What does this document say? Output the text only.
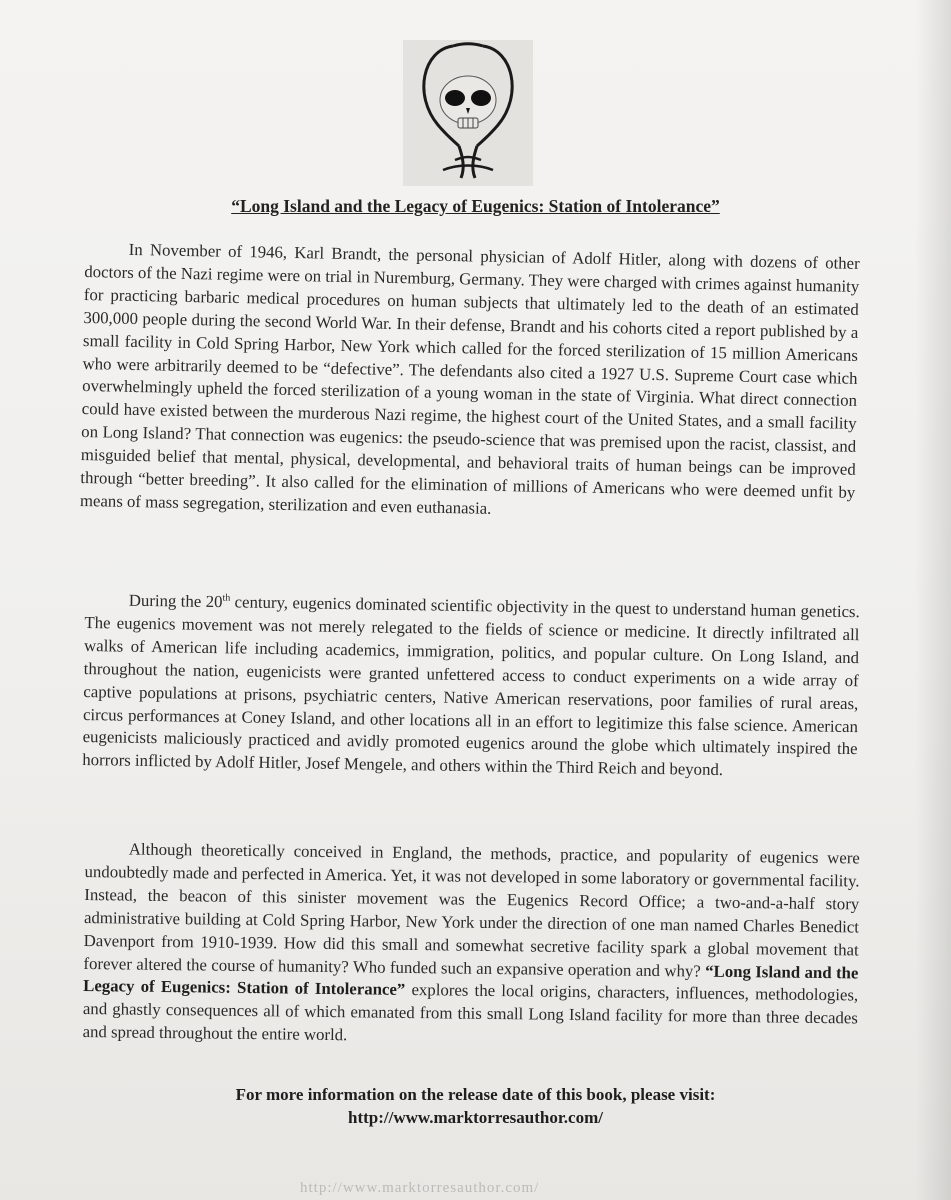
“Long Island and the Legacy of Eugenics: Station of Intolerance”

In November of 1946, Karl Brandt, the personal physician of Adolf Hitler, along with dozens of other doctors of the Nazi regime were on trial in Nuremburg, Germany. They were charged with crimes against humanity for practicing barbaric medical procedures on human subjects that ultimately led to the death of an estimated 300,000 people during the second World War. In their defense, Brandt and his cohorts cited a report published by a small facility in Cold Spring Harbor, New York which called for the forced sterilization of 15 million Americans who were arbitrarily deemed to be “defective”. The defendants also cited a 1927 U.S. Supreme Court case which overwhelmingly upheld the forced sterilization of a young woman in the state of Virginia. What direct connection could have existed between the murderous Nazi regime, the highest court of the United States, and a small facility on Long Island? That connection was eugenics: the pseudo-science that was premised upon the racist, classist, and misguided belief that mental, physical, developmental, and behavioral traits of human beings can be improved through “better breeding”. It also called for the elimination of millions of Americans who were deemed unfit by means of mass segregation, sterilization and even euthanasia.

During the 20th century, eugenics dominated scientific objectivity in the quest to understand human genetics. The eugenics movement was not merely relegated to the fields of science or medicine. It directly infiltrated all walks of American life including academics, immigration, politics, and popular culture. On Long Island, and throughout the nation, eugenicists were granted unfettered access to conduct experiments on a wide array of captive populations at prisons, psychiatric centers, Native American reservations, poor families of rural areas, circus performances at Coney Island, and other locations all in an effort to legitimize this false science. American eugenicists maliciously practiced and avidly promoted eugenics around the globe which ultimately inspired the horrors inflicted by Adolf Hitler, Josef Mengele, and others within the Third Reich and beyond.

Although theoretically conceived in England, the methods, practice, and popularity of eugenics were undoubtedly made and perfected in America. Yet, it was not developed in some laboratory or governmental facility. Instead, the beacon of this sinister movement was the Eugenics Record Office; a two-and-a-half story administrative building at Cold Spring Harbor, New York under the direction of one man named Charles Benedict Davenport from 1910-1939. How did this small and somewhat secretive facility spark a global movement that forever altered the course of humanity? Who funded such an expansive operation and why? “Long Island and the Legacy of Eugenics: Station of Intolerance” explores the local origins, characters, influences, methodologies, and ghastly consequences all of which emanated from this small Long Island facility for more than three decades and spread throughout the entire world.

For more information on the release date of this book, please visit:
http://www.marktorresauthor.com/
http://www.marktorresauthor.com/
